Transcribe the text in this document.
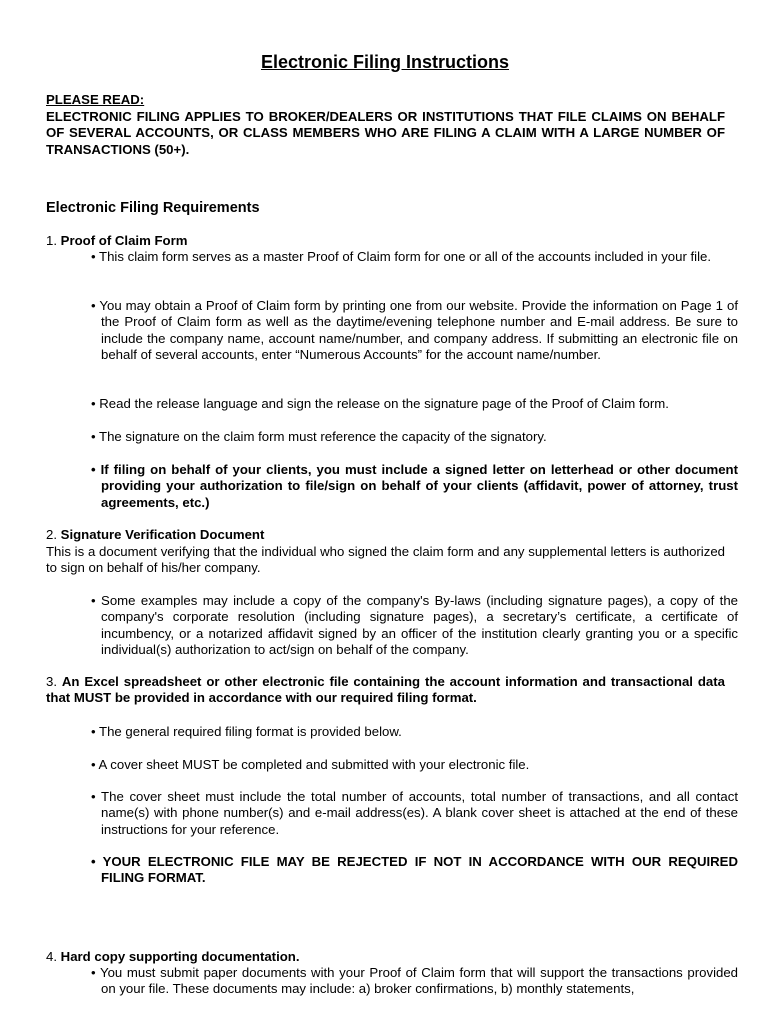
Electronic Filing Instructions
PLEASE READ:
ELECTRONIC FILING APPLIES TO BROKER/DEALERS OR INSTITUTIONS THAT FILE CLAIMS ON BEHALF OF SEVERAL ACCOUNTS, OR CLASS MEMBERS WHO ARE FILING A CLAIM WITH A LARGE NUMBER OF TRANSACTIONS (50+).
Electronic Filing Requirements
1. Proof of Claim Form
• This claim form serves as a master Proof of Claim form for one or all of the accounts included in your file.
• You may obtain a Proof of Claim form by printing one from our website. Provide the information on Page 1 of the Proof of Claim form as well as the daytime/evening telephone number and E-mail address. Be sure to include the company name, account name/number, and company address. If submitting an electronic file on behalf of several accounts, enter “Numerous Accounts” for the account name/number.
• Read the release language and sign the release on the signature page of the Proof of Claim form.
• The signature on the claim form must reference the capacity of the signatory.
• If filing on behalf of your clients, you must include a signed letter on letterhead or other document providing your authorization to file/sign on behalf of your clients (affidavit, power of attorney, trust agreements, etc.)
2. Signature Verification Document
This is a document verifying that the individual who signed the claim form and any supplemental letters is authorized to sign on behalf of his/her company.
• Some examples may include a copy of the company's By-laws (including signature pages), a copy of the company's corporate resolution (including signature pages), a secretary’s certificate, a certificate of incumbency, or a notarized affidavit signed by an officer of the institution clearly granting you or a specific individual(s) authorization to act/sign on behalf of the company.
3. An Excel spreadsheet or other electronic file containing the account information and transactional data that MUST be provided in accordance with our required filing format.
• The general required filing format is provided below.
• A cover sheet MUST be completed and submitted with your electronic file.
• The cover sheet must include the total number of accounts, total number of transactions, and all contact name(s) with phone number(s) and e-mail address(es). A blank cover sheet is attached at the end of these instructions for your reference.
• YOUR ELECTRONIC FILE MAY BE REJECTED IF NOT IN ACCORDANCE WITH OUR REQUIRED FILING FORMAT.
4. Hard copy supporting documentation.
• You must submit paper documents with your Proof of Claim form that will support the transactions provided on your file. These documents may include: a) broker confirmations, b) monthly statements,
